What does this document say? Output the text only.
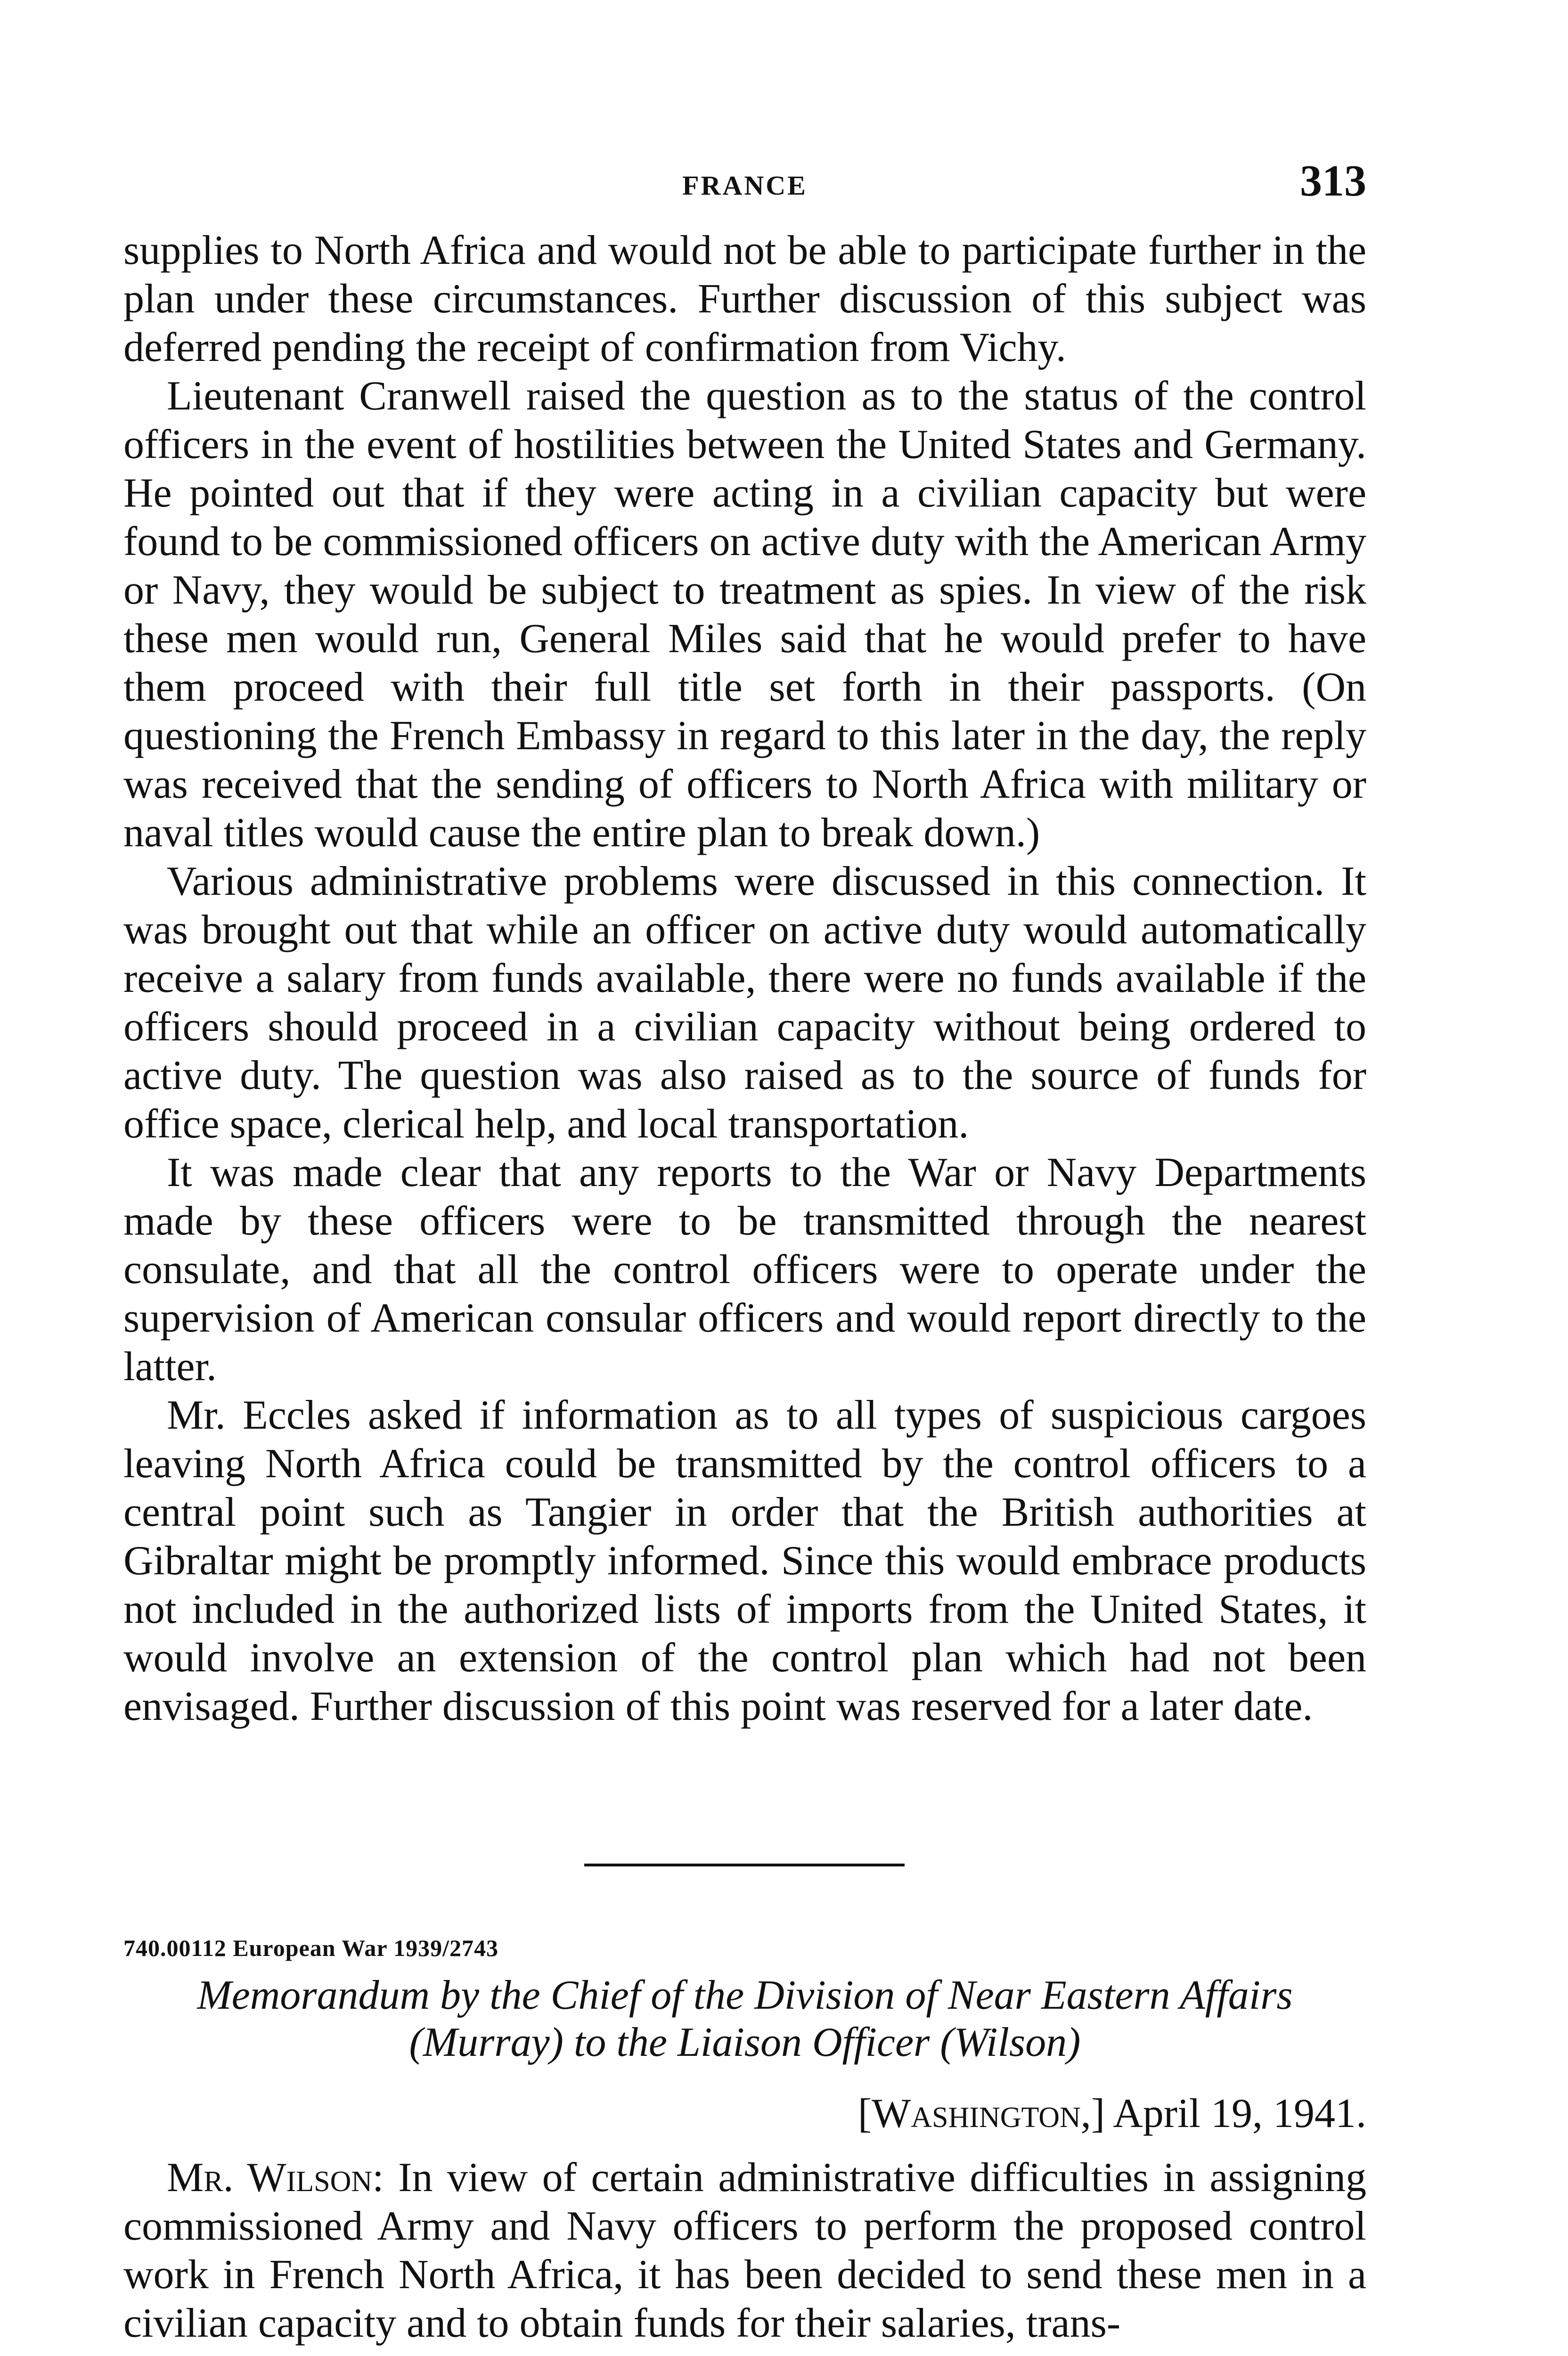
FRANCE	313

supplies to North Africa and would not be able to participate further in the plan under these circumstances. Further discussion of this subject was deferred pending the receipt of confirmation from Vichy.

Lieutenant Cranwell raised the question as to the status of the control officers in the event of hostilities between the United States and Germany. He pointed out that if they were acting in a civilian capacity but were found to be commissioned officers on active duty with the American Army or Navy, they would be subject to treatment as spies. In view of the risk these men would run, General Miles said that he would prefer to have them proceed with their full title set forth in their passports. (On questioning the French Embassy in regard to this later in the day, the reply was received that the sending of officers to North Africa with military or naval titles would cause the entire plan to break down.)

Various administrative problems were discussed in this connection. It was brought out that while an officer on active duty would automatically receive a salary from funds available, there were no funds available if the officers should proceed in a civilian capacity without being ordered to active duty. The question was also raised as to the source of funds for office space, clerical help, and local transportation.

It was made clear that any reports to the War or Navy Departments made by these officers were to be transmitted through the nearest consulate, and that all the control officers were to operate under the supervision of American consular officers and would report directly to the latter.

Mr. Eccles asked if information as to all types of suspicious cargoes leaving North Africa could be transmitted by the control officers to a central point such as Tangier in order that the British authorities at Gibraltar might be promptly informed. Since this would embrace products not included in the authorized lists of imports from the United States, it would involve an extension of the control plan which had not been envisaged. Further discussion of this point was reserved for a later date.

740.00112 European War 1939/2743
Memorandum by the Chief of the Division of Near Eastern Affairs
(Murray) to the Liaison Officer (Wilson)
[Washington,] April 19, 1941.
Mr. Wilson: In view of certain administrative difficulties in assigning commissioned Army and Navy officers to perform the proposed control work in French North Africa, it has been decided to send these men in a civilian capacity and to obtain funds for their salaries, trans-
